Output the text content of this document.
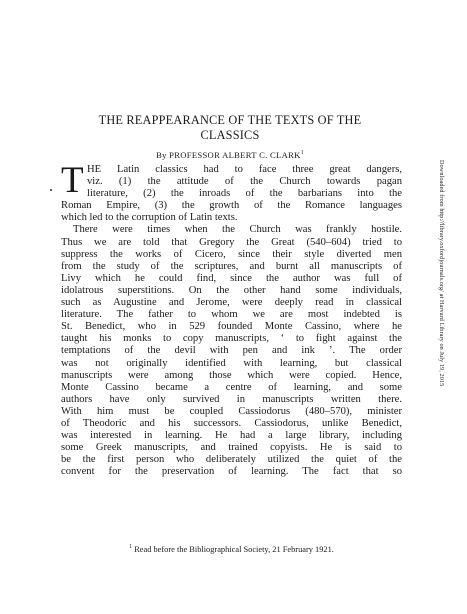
THE REAPPEARANCE OF THE TEXTS OF THE
CLASSICS
By PROFESSOR ALBERT C. CLARK$^1$
T HE Latin classics had to face three great dangers,
viz. (1) the attitude of the Church towards pagan
literature, (2) the inroads of the barbarians into the
Roman Empire, (3) the growth of the Romance languages
which led to the corruption of Latin texts.
There were times when the Church was frankly hostile.
Thus we are told that Gregory the Great (540–604) tried to
suppress the works of Cicero, since their style diverted men
from the study of the scriptures, and burnt all manuscripts of
Livy which he could find, since the author was full of
idolatrous superstitions. On the other hand some individuals,
such as Augustine and Jerome, were deeply read in classical
literature. The father to whom we are most indebted is
St. Benedict, who in 529 founded Monte Cassino, where he
taught his monks to copy manuscripts, ‘ to fight against the
temptations of the devil with pen and ink ’. The order
was not originally identified with learning, but classical
manuscripts were among those which were copied. Hence,
Monte Cassino became a centre of learning, and some
authors have only survived in manuscripts written there.
With him must be coupled Cassiodorus (480–570), minister
of Theodoric and his successors. Cassiodorus, unlike Benedict,
was interested in learning. He had a large library, including
some Greek manuscripts, and trained copyists. He is said to
be the first person who deliberately utilized the quiet of the
convent for the preservation of learning. The fact that so
$^1$ Read before the Bibliographical Society, 21 February 1921.
Downloaded from http://library.oxfordjournals.org/ at Harvard Library on July 19, 2015
